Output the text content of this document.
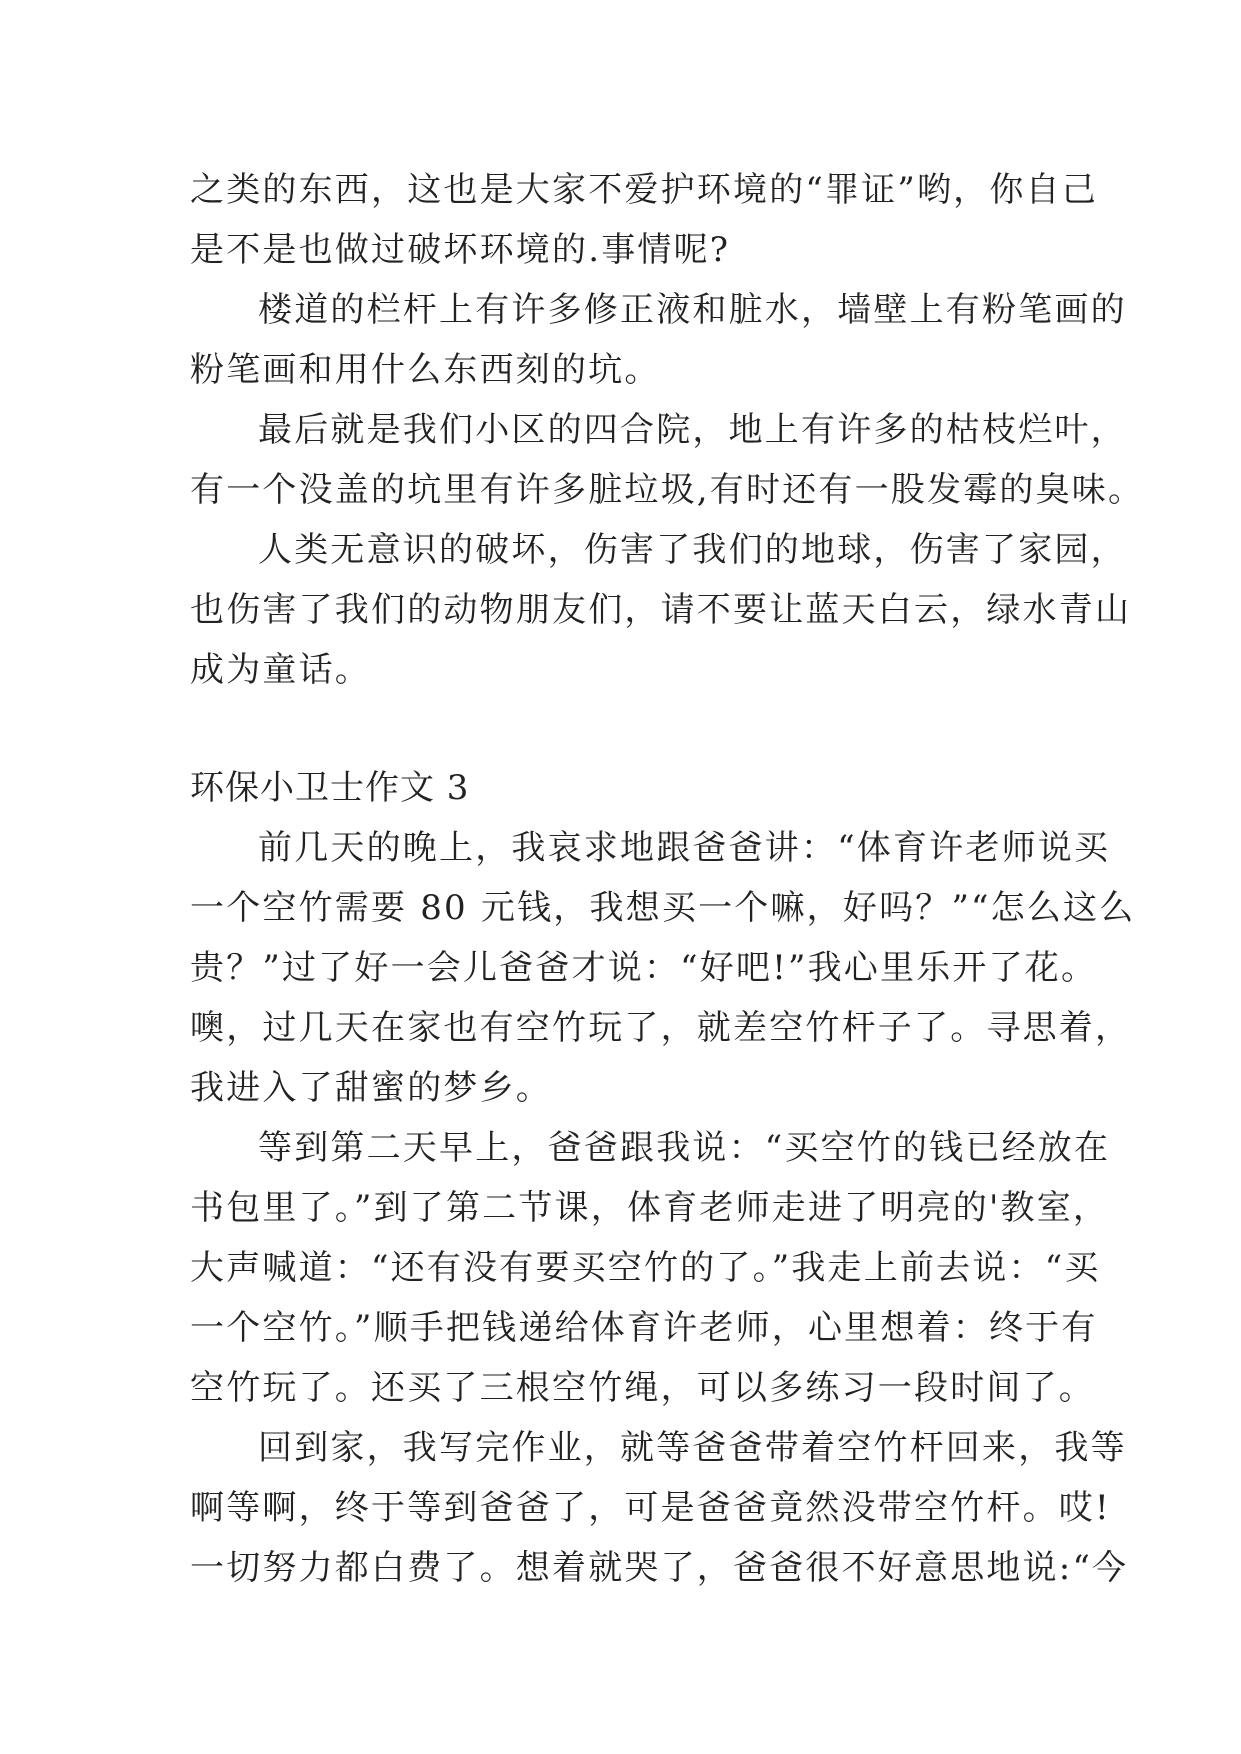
之类的东西，这也是大家不爱护环境的“罪证”哟，你自己
是不是也做过破坏环境的.事情呢?
楼道的栏杆上有许多修正液和脏水，墙壁上有粉笔画的
粉笔画和用什么东西刻的坑。
最后就是我们小区的四合院，地上有许多的枯枝烂叶，
有一个没盖的坑里有许多脏垃圾,有时还有一股发霉的臭味。
人类无意识的破坏，伤害了我们的地球，伤害了家园，
也伤害了我们的动物朋友们，请不要让蓝天白云，绿水青山
成为童话。
环保小卫士作文 3
前几天的晚上，我哀求地跟爸爸讲：“体育许老师说买
一个空竹需要 80 元钱，我想买一个嘛，好吗？”“怎么这么
贵？”过了好一会儿爸爸才说：“好吧!”我心里乐开了花。
噢，过几天在家也有空竹玩了，就差空竹杆子了。寻思着，
我进入了甜蜜的梦乡。
等到第二天早上，爸爸跟我说：“买空竹的钱已经放在
书包里了。”到了第二节课，体育老师走进了明亮的'教室，
大声喊道：“还有没有要买空竹的了。”我走上前去说：“买
一个空竹。”顺手把钱递给体育许老师，心里想着：终于有
空竹玩了。还买了三根空竹绳，可以多练习一段时间了。
回到家，我写完作业，就等爸爸带着空竹杆回来，我等
啊等啊，终于等到爸爸了，可是爸爸竟然没带空竹杆。哎!
一切努力都白费了。想着就哭了，爸爸很不好意思地说:“今
